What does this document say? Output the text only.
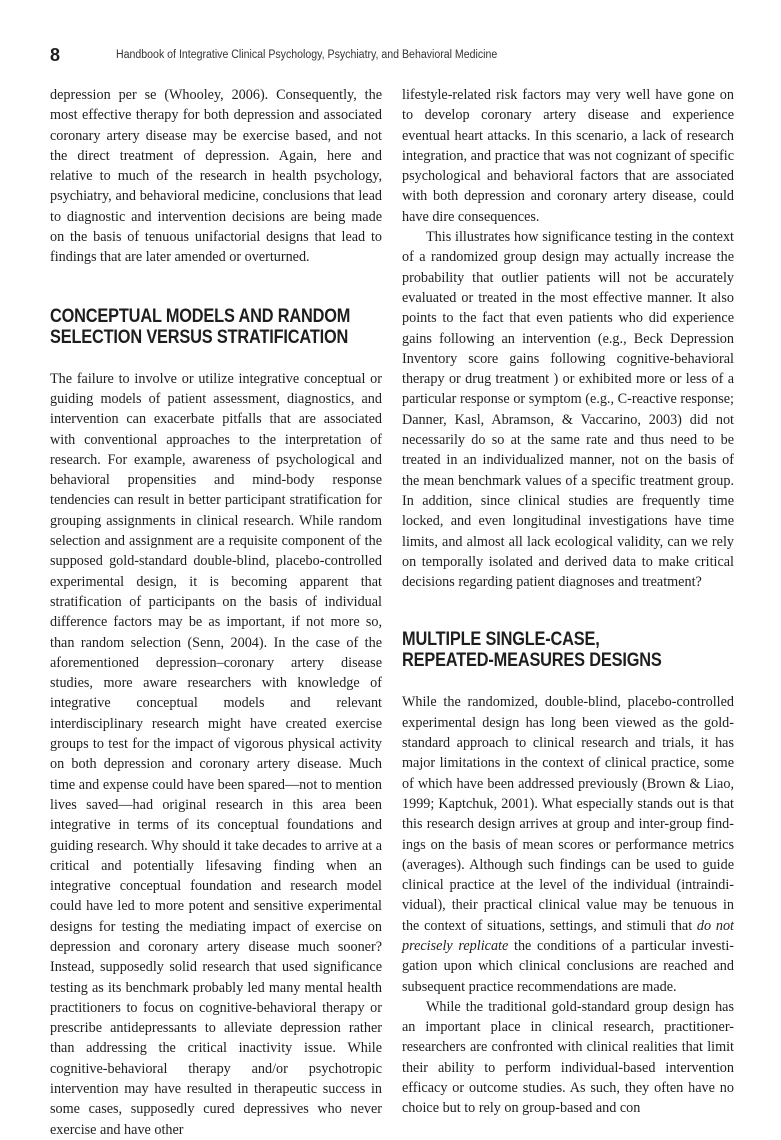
8	Handbook of Integrative Clinical Psychology, Psychiatry, and Behavioral Medicine

depression per se (Whooley, 2006). Consequently, the most effective therapy for both depression and associated coronary artery disease may be exercise based, and not the direct treatment of depression. Again, here and relative to much of the research in health psychology, psychiatry, and behavioral medicine, conclusions that lead to diagnostic and intervention decisions are being made on the basis of tenuous unifactorial designs that lead to findings that are later amended or overturned.

CONCEPTUAL MODELS AND RANDOM
SELECTION VERSUS STRATIFICATION

The failure to involve or utilize integrative conceptual or guiding models of patient assessment, diagnostics, and intervention can exacerbate pitfalls that are associated with conventional approaches to the interpretation of research. For example, awareness of psychological and behavioral propensities and mind-body response tendencies can result in better participant stratification for grouping assignments in clinical research. While random selection and assignment are a requisite component of the supposed gold-standard double-blind, placebo-controlled experimental design, it is becoming apparent that stratification of participants on the basis of individual difference factors may be as important, if not more so, than random selection (Senn, 2004). In the case of the aforementioned depression–coronary artery disease studies, more aware researchers with knowledge of integrative conceptual models and relevant interdisciplinary research might have created exercise groups to test for the impact of vigorous physical activity on both depression and coronary artery disease. Much time and expense could have been spared—not to mention lives saved—had original research in this area been integrative in terms of its conceptual foundations and guiding research. Why should it take decades to arrive at a critical and potentially lifesaving finding when an integrative conceptual foundation and research model could have led to more potent and sensitive experimental designs for testing the mediating impact of exercise on depression and coronary artery disease much sooner? Instead, supposedly solid research that used significance testing as its benchmark probably led many mental health practitioners to focus on cognitive-behavioral therapy or prescribe antidepressants to alleviate depression rather than addressing the critical inactivity issue. While cognitive-behavioral therapy and/or psychotropic intervention may have resulted in therapeutic success in some cases, supposedly cured depressives who never exercise and have other

lifestyle-related risk factors may very well have gone on to develop coronary artery disease and experience eventual heart attacks. In this scenario, a lack of research integration, and practice that was not cognizant of specific psychological and behavioral factors that are associated with both depression and coronary artery disease, could have dire consequences.

This illustrates how significance testing in the context of a randomized group design may actually increase the probability that outlier patients will not be accurately evaluated or treated in the most effective manner. It also points to the fact that even patients who did experience gains following an intervention (e.g., Beck Depression Inventory score gains following cognitive-behavioral therapy or drug treatment ) or exhibited more or less of a particular response or symptom (e.g., C-reactive response; Danner, Kasl, Abramson, & Vaccarino, 2003) did not necessarily do so at the same rate and thus need to be treated in an individualized manner, not on the basis of the mean benchmark values of a specific treatment group. In addition, since clinical studies are frequently time locked, and even longitudinal investigations have time limits, and almost all lack ecological validity, can we rely on temporally isolated and derived data to make critical decisions regarding patient diagnoses and treatment?

MULTIPLE SINGLE-CASE,
REPEATED-MEASURES DESIGNS

While the randomized, double-blind, placebo-controlled experimental design has long been viewed as the gold-standard approach to clinical research and trials, it has major limitations in the context of clinical practice, some of which have been addressed previously (Brown & Liao, 1999; Kaptchuk, 2001). What especially stands out is that this research design arrives at group and inter-group findings on the basis of mean scores or performance metrics (averages). Although such findings can be used to guide clinical practice at the level of the individual (intraindividual), their practical clinical value may be tenuous in the context of situations, settings, and stimuli that do not precisely replicate the conditions of a particular investigation upon which clinical conclusions are reached and subsequent practice recommendations are made.

While the traditional gold-standard group design has an important place in clinical research, practitioner-researchers are confronted with clinical realities that limit their ability to perform individual-based intervention efficacy or outcome studies. As such, they often have no choice but to rely on group-based and con
